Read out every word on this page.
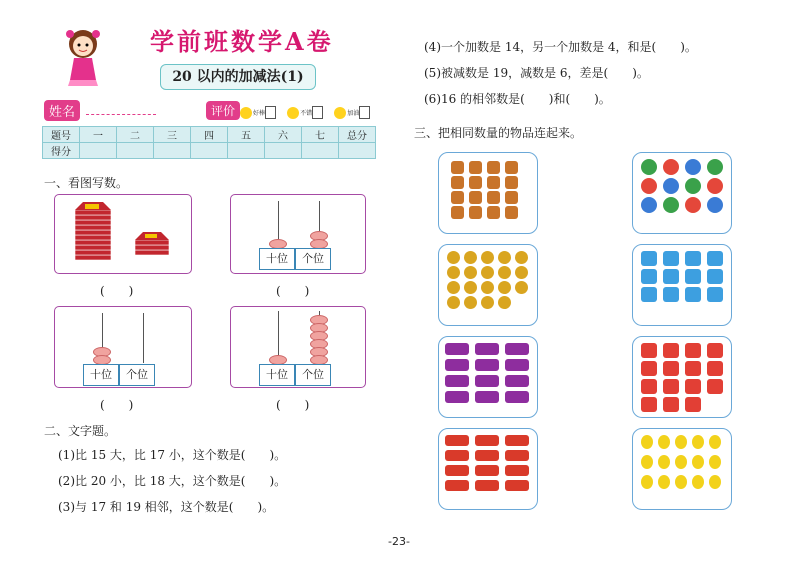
学前班数学A卷
20 以内的加减法(1)
姓名	评价	好棒	不错	加油
题号	一	二	三	四	五	六	七	总分
得分								
一、看图写数。
(　　)
十位 个位
(　　)
十位 个位
(　　)
十位 个位
(　　)
二、文字题。
(1)比 15 大，比 17 小，这个数是(　　)。
(2)比 20 小，比 18 大，这个数是(　　)。
(3)与 17 和 19 相邻，这个数是(　　)。
(4)一个加数是 14，另一个加数是 4，和是(　　)。
(5)被减数是 19，减数是 6，差是(　　)。
(6)16 的相邻数是(　　)和(　　)。
三、把相同数量的物品连起来。
-23-
